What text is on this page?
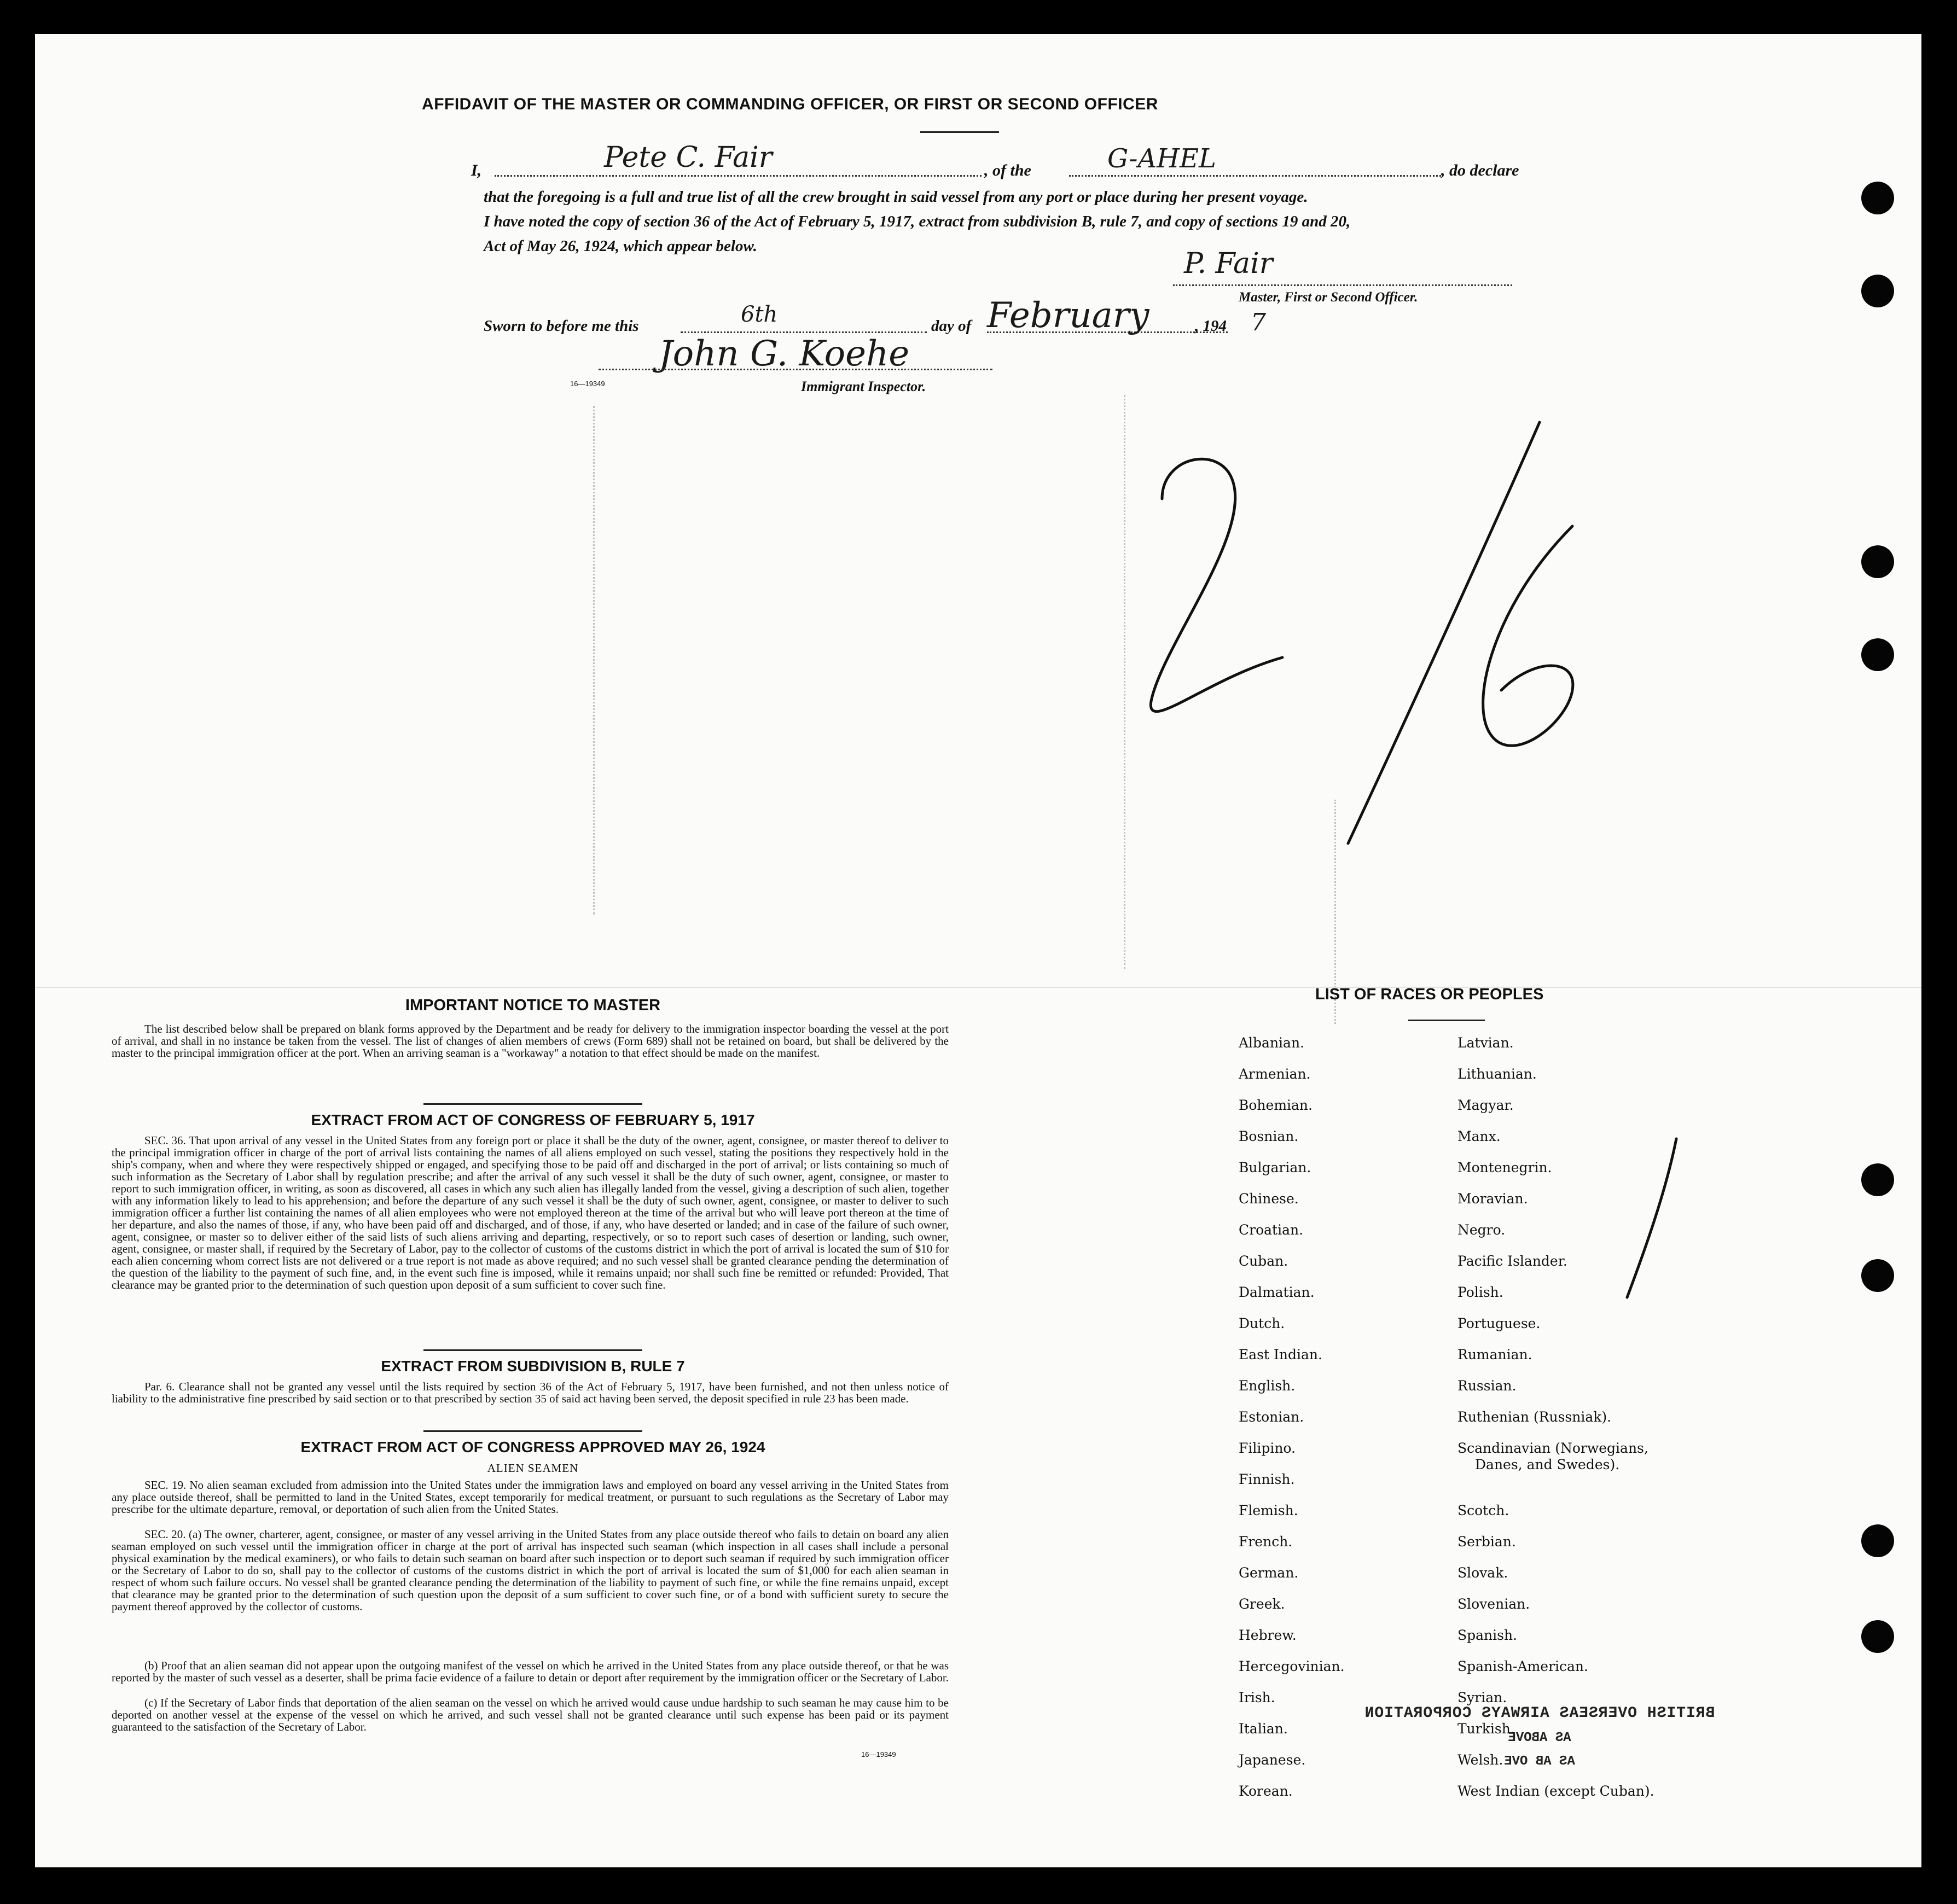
AFFIDAVIT OF THE MASTER OR COMMANDING OFFICER, OR FIRST OR SECOND OFFICER
I,	Pete C. Fair	, of the	G-AHEL	, do declare
that the foregoing is a full and true list of all the crew brought in said vessel from any port or place during her present voyage.
I have noted the copy of section 36 of the Act of February 5, 1917, extract from subdivision B, rule 7, and copy of sections 19 and 20,
Act of May 26, 1924, which appear below.
P. Fair
Master, First or Second Officer.
Sworn to before me this	6th	day of February	, 194 7
John G. Koehe
16—19349	Immigrant Inspector.
IMPORTANT NOTICE TO MASTER
The list described below shall be prepared on blank forms approved by the Department and be ready for delivery to the immigration inspector boarding the vessel at the port of arrival, and shall in no instance be taken from the vessel. The list of changes of alien members of crews (Form 689) shall not be retained on board, but shall be delivered by the master to the principal immigration officer at the port. When an arriving seaman is a "workaway" a notation to that effect should be made on the manifest.
EXTRACT FROM ACT OF CONGRESS OF FEBRUARY 5, 1917
SEC. 36. That upon arrival of any vessel in the United States from any foreign port or place it shall be the duty of the owner, agent, consignee, or master thereof to deliver to the principal immigration officer in charge of the port of arrival lists containing the names of all aliens employed on such vessel, stating the positions they respectively hold in the ship's company, when and where they were respectively shipped or engaged, and specifying those to be paid off and discharged in the port of arrival; or lists containing so much of such information as the Secretary of Labor shall by regulation prescribe; and after the arrival of any such vessel it shall be the duty of such owner, agent, consignee, or master to report to such immigration officer, in writing, as soon as discovered, all cases in which any such alien has illegally landed from the vessel, giving a description of such alien, together with any information likely to lead to his apprehension; and before the departure of any such vessel it shall be the duty of such owner, agent, consignee, or master to deliver to such immigration officer a further list containing the names of all alien employees who were not employed thereon at the time of the arrival but who will leave port thereon at the time of her departure, and also the names of those, if any, who have been paid off and discharged, and of those, if any, who have deserted or landed; and in case of the failure of such owner, agent, consignee, or master so to deliver either of the said lists of such aliens arriving and departing, respectively, or so to report such cases of desertion or landing, such owner, agent, consignee, or master shall, if required by the Secretary of Labor, pay to the collector of customs of the customs district in which the port of arrival is located the sum of $10 for each alien concerning whom correct lists are not delivered or a true report is not made as above required; and no such vessel shall be granted clearance pending the determination of the question of the liability to the payment of such fine, and, in the event such fine is imposed, while it remains unpaid; nor shall such fine be remitted or refunded: Provided, That clearance may be granted prior to the determination of such question upon deposit of a sum sufficient to cover such fine.
EXTRACT FROM SUBDIVISION B, RULE 7
Par. 6. Clearance shall not be granted any vessel until the lists required by section 36 of the Act of February 5, 1917, have been furnished, and not then unless notice of liability to the administrative fine prescribed by said section or to that prescribed by section 35 of said act having been served, the deposit specified in rule 23 has been made.
EXTRACT FROM ACT OF CONGRESS APPROVED MAY 26, 1924
ALIEN SEAMEN
SEC. 19. No alien seaman excluded from admission into the United States under the immigration laws and employed on board any vessel arriving in the United States from any place outside thereof, shall be permitted to land in the United States, except temporarily for medical treatment, or pursuant to such regulations as the Secretary of Labor may prescribe for the ultimate departure, removal, or deportation of such alien from the United States.
SEC. 20. (a) The owner, charterer, agent, consignee, or master of any vessel arriving in the United States from any place outside thereof who fails to detain on board any alien seaman employed on such vessel until the immigration officer in charge at the port of arrival has inspected such seaman (which inspection in all cases shall include a personal physical examination by the medical examiners), or who fails to detain such seaman on board after such inspection or to deport such seaman if required by such immigration officer or the Secretary of Labor to do so, shall pay to the collector of customs of the customs district in which the port of arrival is located the sum of $1,000 for each alien seaman in respect of whom such failure occurs. No vessel shall be granted clearance pending the determination of the liability to payment of such fine, or while the fine remains unpaid, except that clearance may be granted prior to the determination of such question upon the deposit of a sum sufficient to cover such fine, or of a bond with sufficient surety to secure the payment thereof approved by the collector of customs.
(b) Proof that an alien seaman did not appear upon the outgoing manifest of the vessel on which he arrived in the United States from any place outside thereof, or that he was reported by the master of such vessel as a deserter, shall be prima facie evidence of a failure to detain or deport after requirement by the immigration officer or the Secretary of Labor.
(c) If the Secretary of Labor finds that deportation of the alien seaman on the vessel on which he arrived would cause undue hardship to such seaman he may cause him to be deported on another vessel at the expense of the vessel on which he arrived, and such vessel shall not be granted clearance until such expense has been paid or its payment guaranteed to the satisfaction of the Secretary of Labor.
16—19349
LIST OF RACES OR PEOPLES
BRITISH OVERSEAS AIRWAYS CORPORATION
AS ABOVE
AS AB OVE
Albanian.
Armenian.
Bohemian.
Bosnian.
Bulgarian.
Chinese.
Croatian.
Cuban.
Dalmatian.
Dutch.
East Indian.
English.
Estonian.
Filipino.
Finnish.
Flemish.
French.
German.
Greek.
Hebrew.
Hercegovinian.
Irish.
Italian.
Japanese.
Korean.
Latvian.
Lithuanian.
Magyar.
Manx.
Montenegrin.
Moravian.
Negro.
Pacific Islander.
Polish.
Portuguese.
Rumanian.
Russian.
Ruthenian (Russniak).
Scandinavian (Norwegians,
Danes, and Swedes).
Scotch.
Serbian.
Slovak.
Slovenian.
Spanish.
Spanish-American.
Syrian.
Turkish.
Welsh.
West Indian (except Cuban).
